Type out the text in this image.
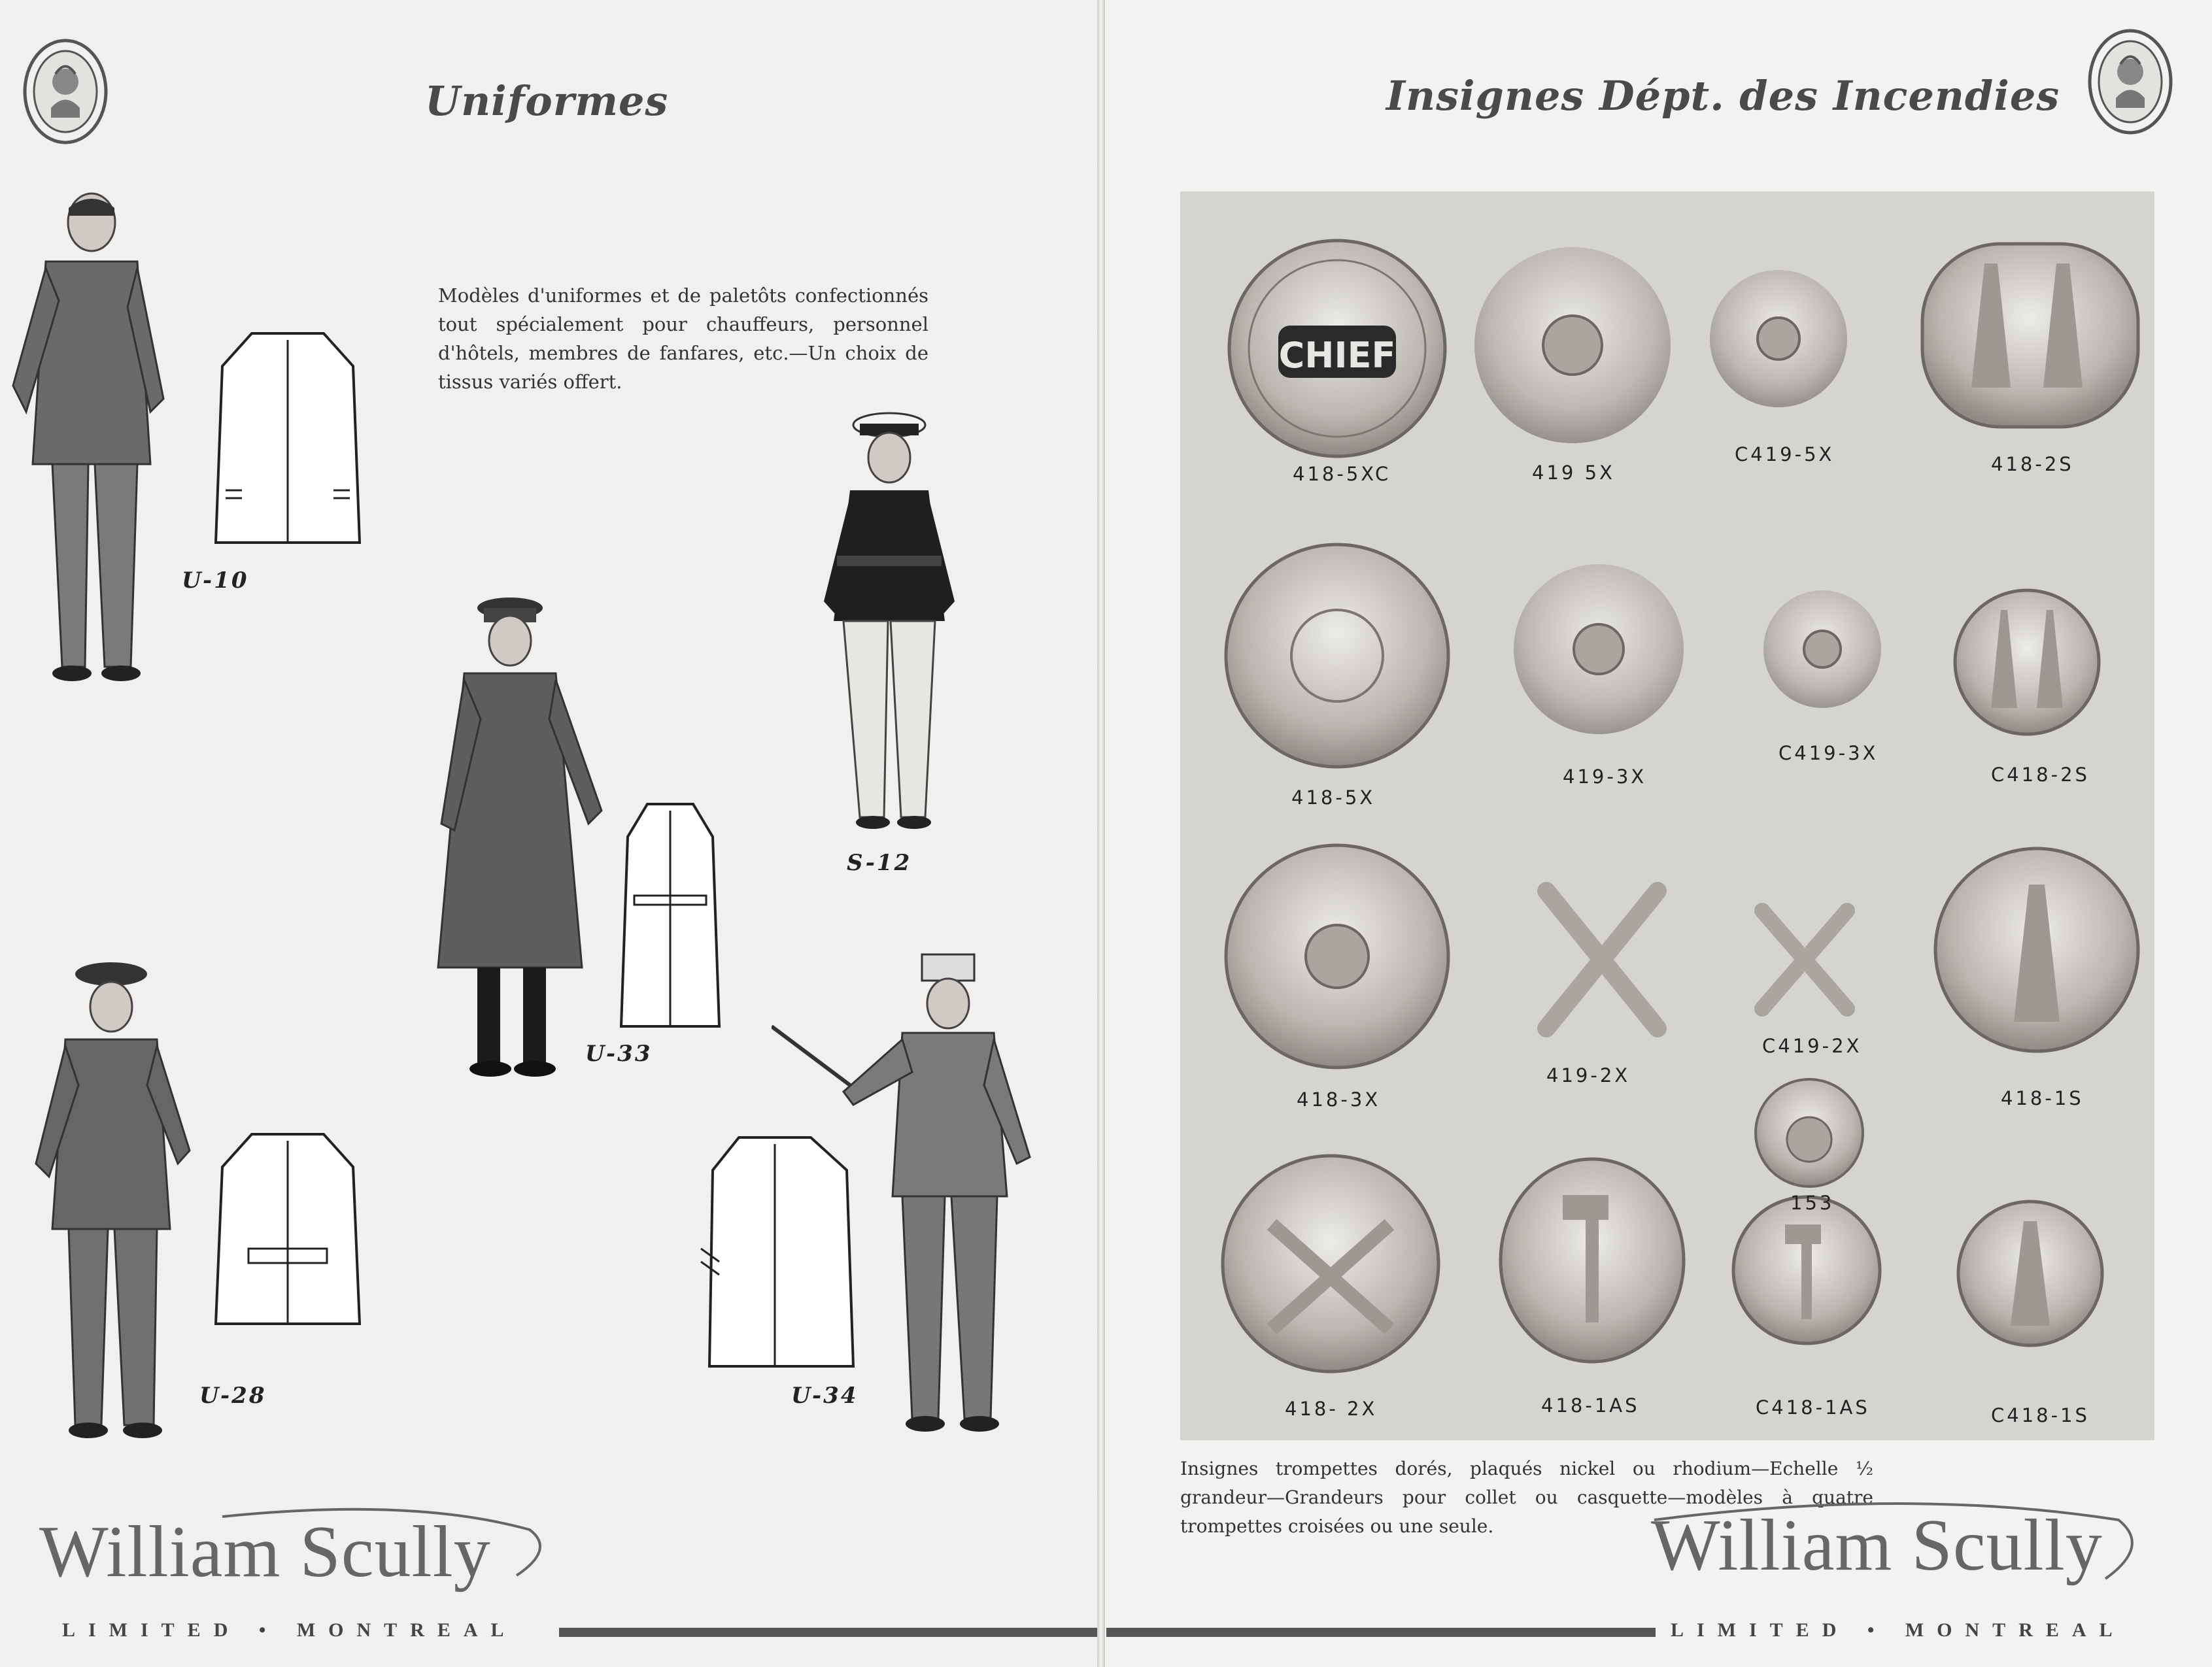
Uniformes
Modèles d'uniformes et de paletôts confectionnés tout spécialement pour chauffeurs, personnel d'hôtels, membres de fanfares, etc.—Un choix de tissus variés offert.
U-10
S-12
U-33
U-28	U-34
William Scully
LIMITED • MONTREAL
Insignes Dépt. des Incendies
CHIEF
418-5XC	419 5X
C419-5X	418-2S
418-5X
419-3X
C419-3X
C418-2S
418-3X
419-2X
C419-2X
418-1S
153
418- 2X	418-1AS	C418-1AS	C418-1S
Insignes trompettes dorés, plaqués nickel ou rhodium—Echelle ½ grandeur—Grandeurs pour collet ou casquette—modèles à quatre trompettes croisées ou une seule.	William Scully
LIMITED • MONTREAL
